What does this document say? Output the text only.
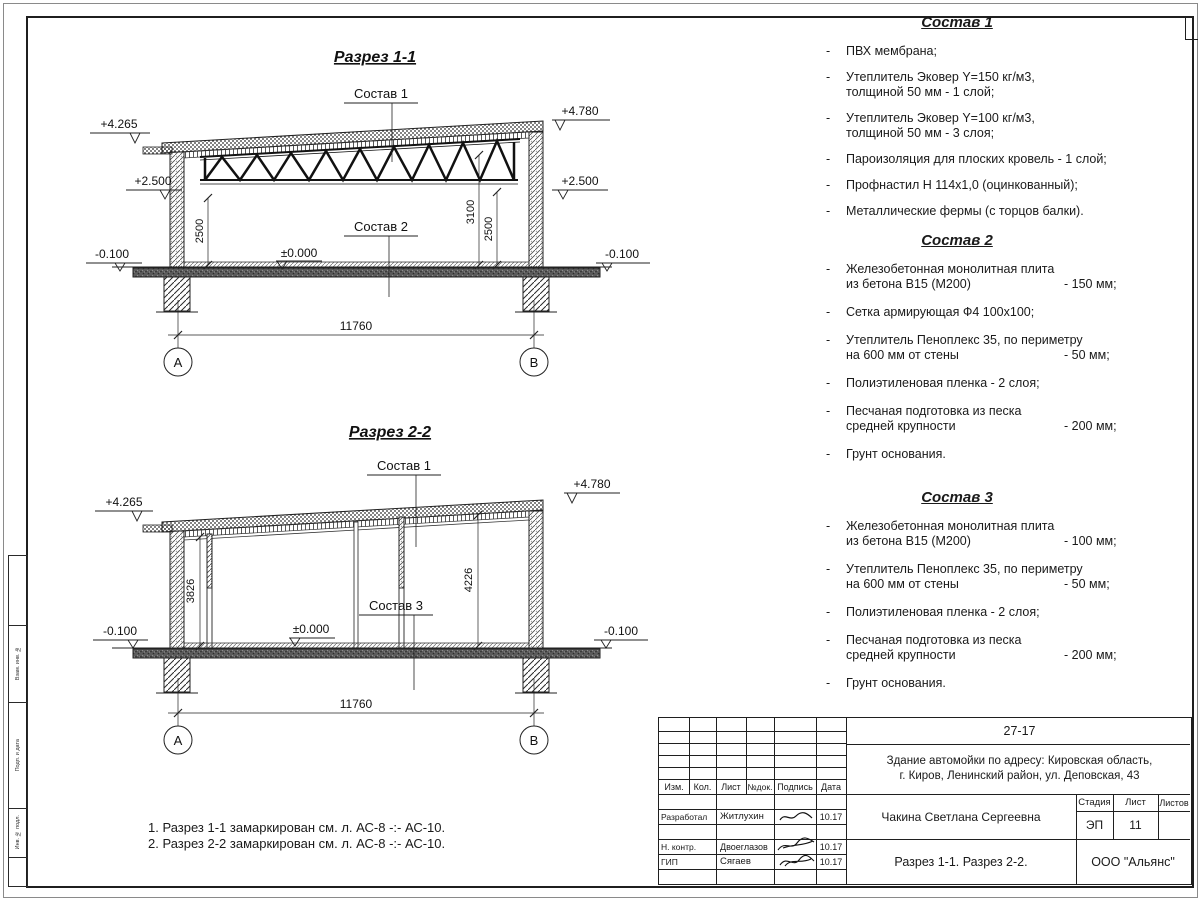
Взам. инв. №
Подп. и дата
Инв. № подл.
Разрез 1-1
Состав 1
Состав 2
+4.265
+4.780
+2.500	+2.500
-0.100	-0.100
±0.000
2500
3100
2500
11760
А	В
Разрез 2-2
Состав 1
Состав 3
+4.265
+4.780
-0.100	-0.100
±0.000
3826	4226
11760
А	В
Состав 1
-	ПВХ мембрана;
-	Утеплитель Эковер Y=150 кг/м3,
толщиной 50 мм - 1 слой;
-	Утеплитель Эковер Y=100 кг/м3,
толщиной 50 мм - 3 слоя;
-	Пароизоляция для плоских кровель - 1 слой;
-	Профнастил Н 114х1,0 (оцинкованный);
-	Металлические фермы (с торцов балки).
Состав 2
-	Железобетонная монолитная плита
из бетона В15 (М200)	- 150 мм;
-	Сетка армирующая Ф4 100х100;
-	Утеплитель Пеноплекс 35, по периметру
на 600 мм от стены	- 50 мм;
-	Полиэтиленовая пленка - 2 слоя;
-	Песчаная подготовка из песка
средней крупности	- 200 мм;
-	Грунт основания.
Состав 3
-	Железобетонная монолитная плита
из бетона В15 (М200)	- 100 мм;
-	Утеплитель Пеноплекс 35, по периметру
на 600 мм от стены	- 50 мм;
-	Полиэтиленовая пленка - 2 слоя;
-	Песчаная подготовка из песка
средней крупности	- 200 мм;
-	Грунт основания.
1. Разрез 1-1 замаркирован см. л. АС-8 -:- АС-10.
2. Разрез 2-2 замаркирован см. л. АС-8 -:- АС-10.
27-17
Здание автомойки по адресу: Кировская область,
г. Киров, Ленинский район, ул. Деповская, 43
Чакина Светлана Сергеевна
Разрез 1-1. Разрез 2-2.
Стадия	Лист	Листов
ЭП	11
ООО "Альянс"
Изм.	Кол.	Лист №док. Подпись Дата
Разработал	Житлухин	10.17
Н. контр.	Двоеглазов	10.17
ГИП	Сягаев	10.17
